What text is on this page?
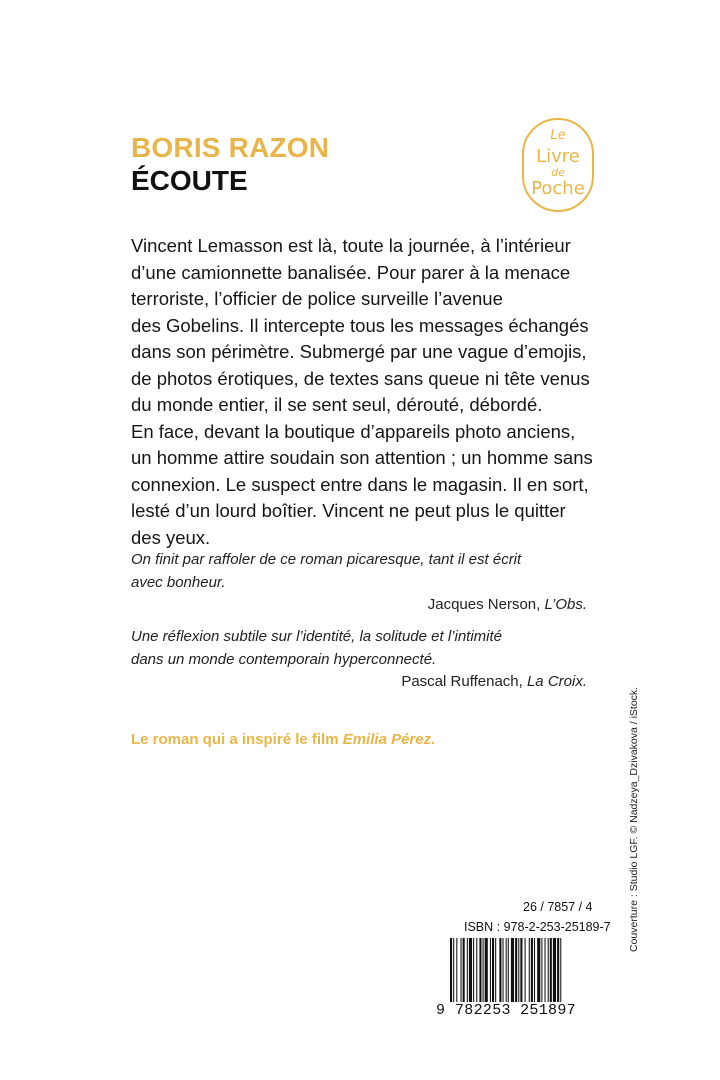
BORIS RAZON
ÉCOUTE
Le
Livre
de
Poche
Vincent Lemasson est là, toute la journée, à l’intérieur
d’une camionnette banalisée. Pour parer à la menace
terroriste, l’officier de police surveille l’avenue
des Gobelins. Il intercepte tous les messages échangés
dans son périmètre. Submergé par une vague d’emojis,
de photos érotiques, de textes sans queue ni tête venus
du monde entier, il se sent seul, dérouté, débordé.
En face, devant la boutique d’appareils photo anciens,
un homme attire soudain son attention ; un homme sans
connexion. Le suspect entre dans le magasin. Il en sort,
lesté d’un lourd boîtier. Vincent ne peut plus le quitter
des yeux.
On finit par raffoler de ce roman picaresque, tant il est écrit
avec bonheur.
Jacques Nerson, L’Obs.
Une réflexion subtile sur l’identité, la solitude et l’intimité
dans un monde contemporain hyperconnecté.
Pascal Ruffenach, La Croix.
Le roman qui a inspiré le film Emilia Pérez.	Couverture : Studio LGF. © Nadzeya_Dzivakova / iStock.
26 / 7857 / 4
ISBN : 978-2-253-25189-7
9 782253 251897
